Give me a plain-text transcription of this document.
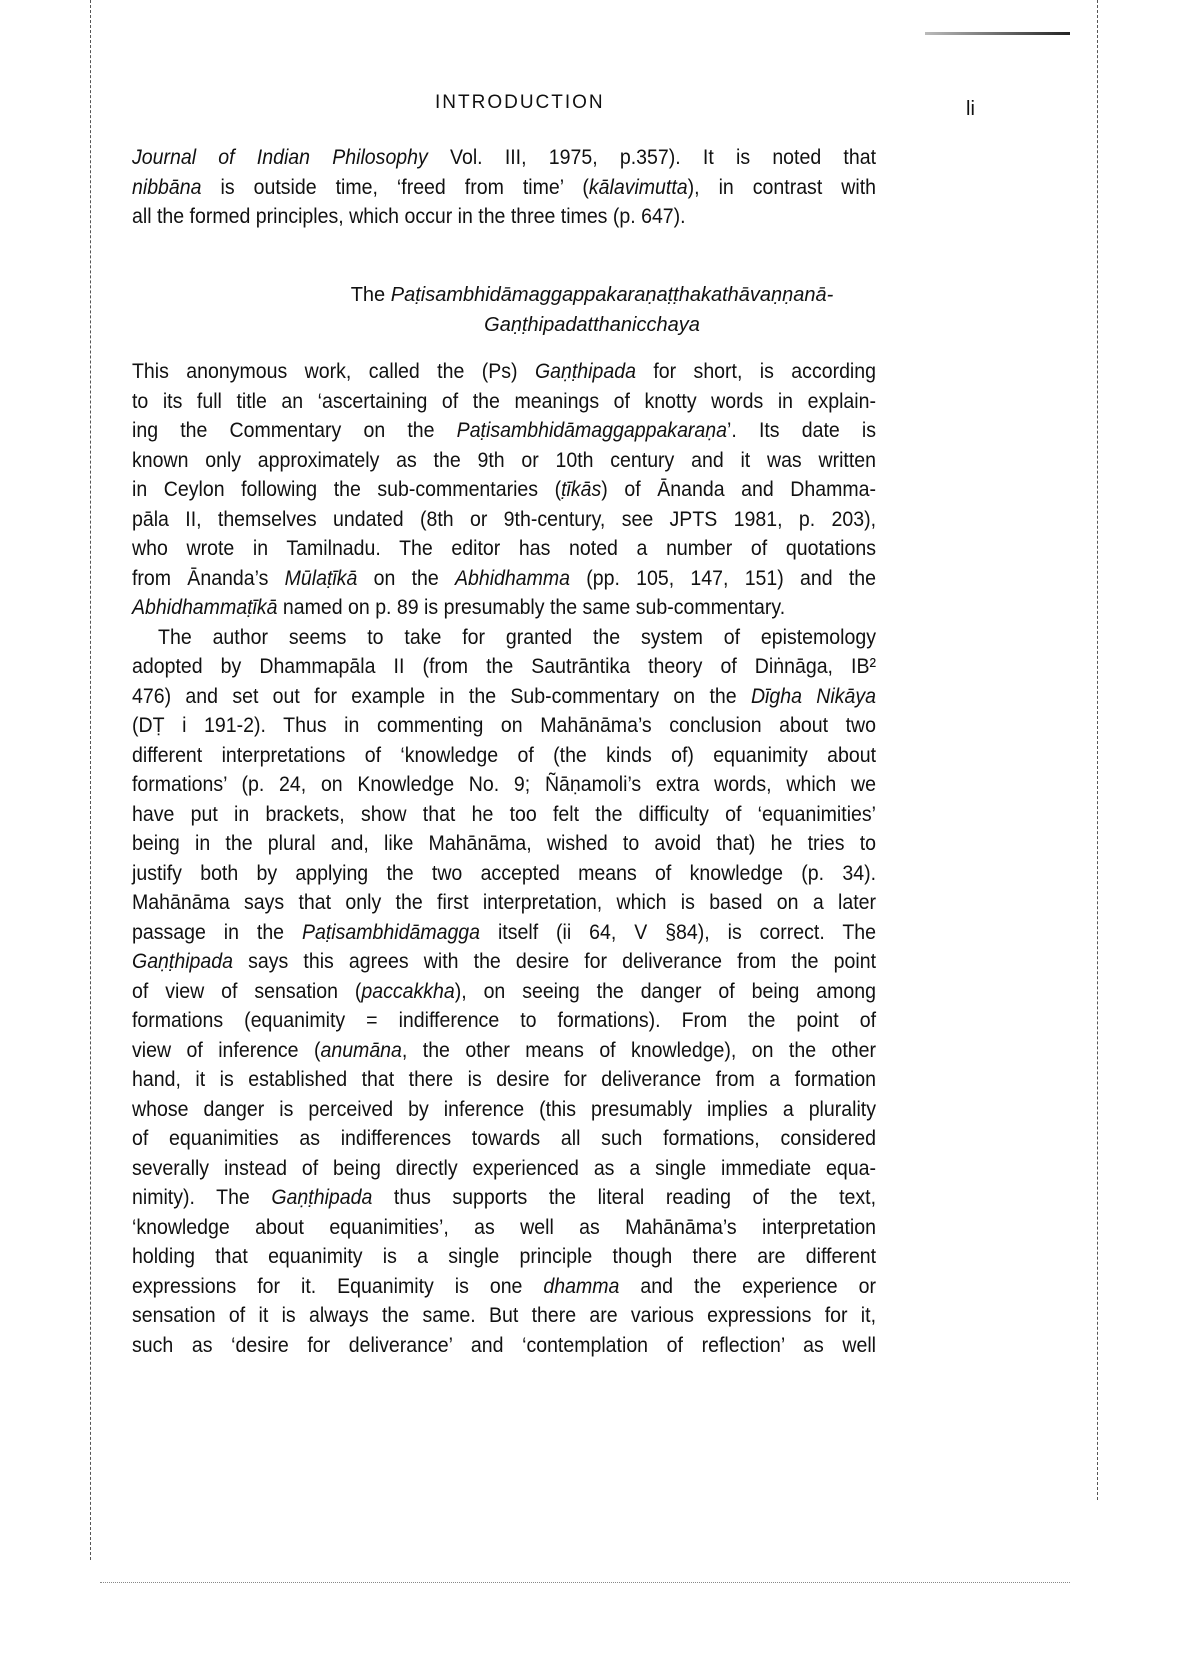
INTRODUCTION	li
Journal of Indian Philosophy Vol. III, 1975, p.357). It is noted that
nibbāna is outside time, ‘freed from time’ (kālavimutta), in contrast with
all the formed principles, which occur in the three times (p. 647).
The Paṭisambhidāmaggappakaraṇaṭṭhakathāvaṇṇanā-
Gaṇṭhipadatthanicchaya
This anonymous work, called the (Ps) Gaṇṭhipada for short, is according
to its full title an ‘ascertaining of the meanings of knotty words in explain-
ing the Commentary on the Paṭisambhidāmaggappakaraṇa’. Its date is
known only approximately as the 9th or 10th century and it was written
in Ceylon following the sub-commentaries (ṭīkās) of Ānanda and Dhamma-
pāla II, themselves undated (8th or 9th-century, see JPTS 1981, p. 203),
who wrote in Tamilnadu. The editor has noted a number of quotations
from Ānanda’s Mūlaṭīkā on the Abhidhamma (pp. 105, 147, 151) and the
Abhidhammaṭīkā named on p. 89 is presumably the same sub-commentary.
The author seems to take for granted the system of epistemology
adopted by Dhammapāla II (from the Sautrāntika theory of Diṅnāga, IB²
476) and set out for example in the Sub-commentary on the Dīgha Nikāya
(DṬ i 191-2). Thus in commenting on Mahānāma’s conclusion about two
different interpretations of ‘knowledge of (the kinds of) equanimity about
formations’ (p. 24, on Knowledge No. 9; Ñāṇamoli’s extra words, which we
have put in brackets, show that he too felt the difficulty of ‘equanimities’
being in the plural and, like Mahānāma, wished to avoid that) he tries to
justify both by applying the two accepted means of knowledge (p. 34).
Mahānāma says that only the first interpretation, which is based on a later
passage in the Paṭisambhidāmagga itself (ii 64, V §84), is correct. The
Gaṇṭhipada says this agrees with the desire for deliverance from the point
of view of sensation (paccakkha), on seeing the danger of being among
formations (equanimity = indifference to formations). From the point of
view of inference (anumāna, the other means of knowledge), on the other
hand, it is established that there is desire for deliverance from a formation
whose danger is perceived by inference (this presumably implies a plurality
of equanimities as indifferences towards all such formations, considered
severally instead of being directly experienced as a single immediate equa-
nimity). The Gaṇṭhipada thus supports the literal reading of the text,
‘knowledge about equanimities’, as well as Mahānāma’s interpretation
holding that equanimity is a single principle though there are different
expressions for it. Equanimity is one dhamma and the experience or
sensation of it is always the same. But there are various expressions for it,
such as ‘desire for deliverance’ and ‘contemplation of reflection’ as well
